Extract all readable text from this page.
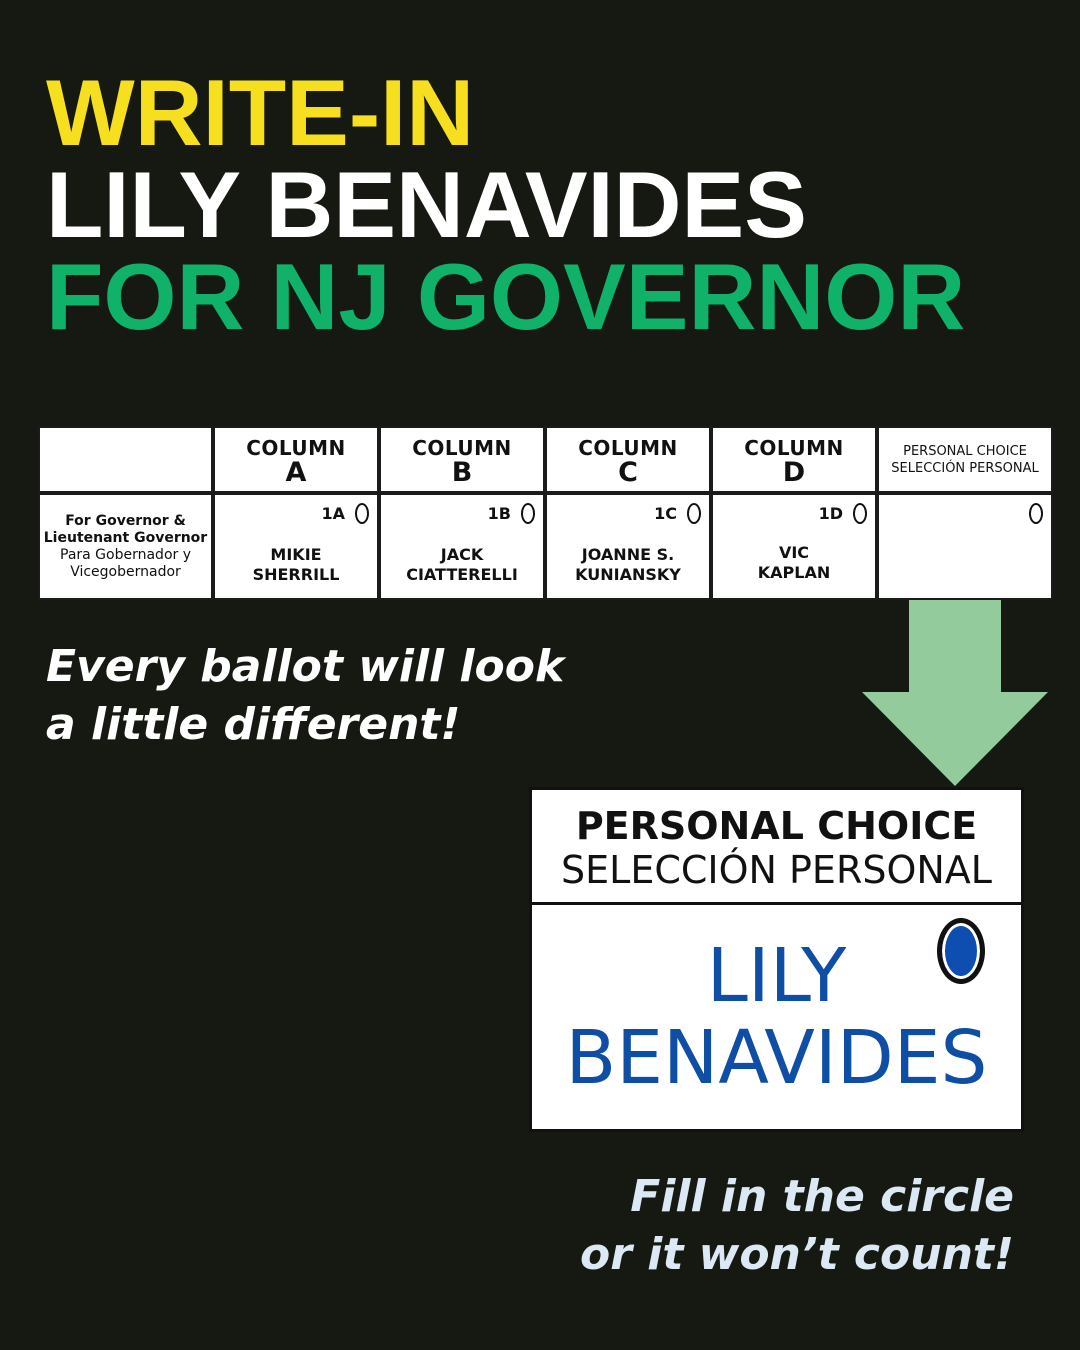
WRITE-IN
LILY BENAVIDES
FOR NJ GOVERNOR
COLUMN
A
COLUMN
B
COLUMN
C
COLUMN
D
PERSONAL CHOICE
SELECCIÓN PERSONAL
For Governor &
Lieutenant Governor
Para Gobernador y
Vicegobernador
1A
MIKIE
SHERRILL
1B
JACK
CIATTERELLI
1C
JOANNE S.
KUNIANSKY
1D
VIC
KAPLAN

Every ballot will look
a little different!

PERSONAL CHOICE
SELECCIÓN PERSONAL
LILY
BENAVIDES

Fill in the circle
or it won’t count!
